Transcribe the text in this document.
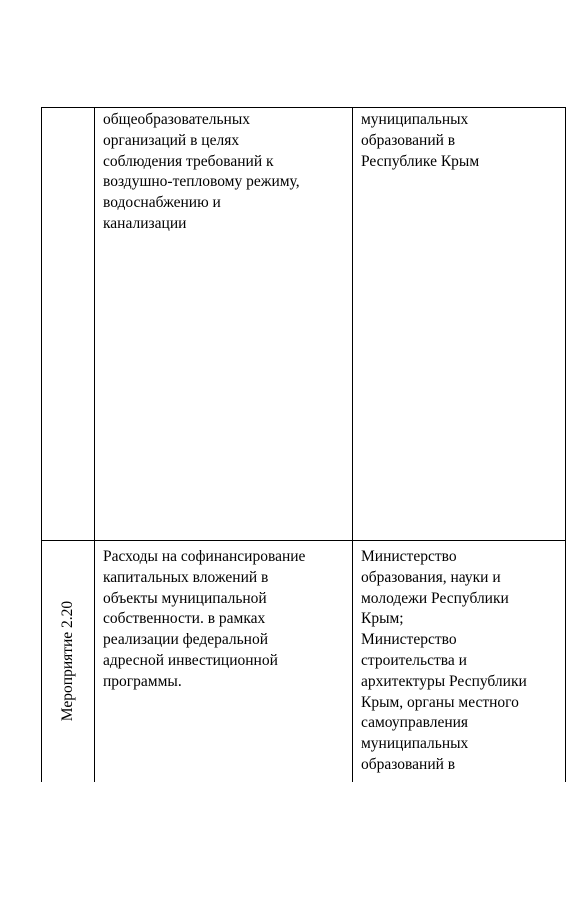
общеобразовательных
организаций в целях
соблюдения требований к
воздушно-тепловому режиму,
водоснабжению и
канализации
муниципальных
образований в
Республике Крым
Мероприятие 2.20
Расходы на софинансирование
капитальных вложений в
объекты муниципальной
собственности. в рамках
реализации федеральной
адресной инвестиционной
программы.
Министерство
образования, науки и
молодежи Республики
Крым;
Министерство
строительства и
архитектуры Республики
Крым, органы местного
самоуправления
муниципальных
образований в
